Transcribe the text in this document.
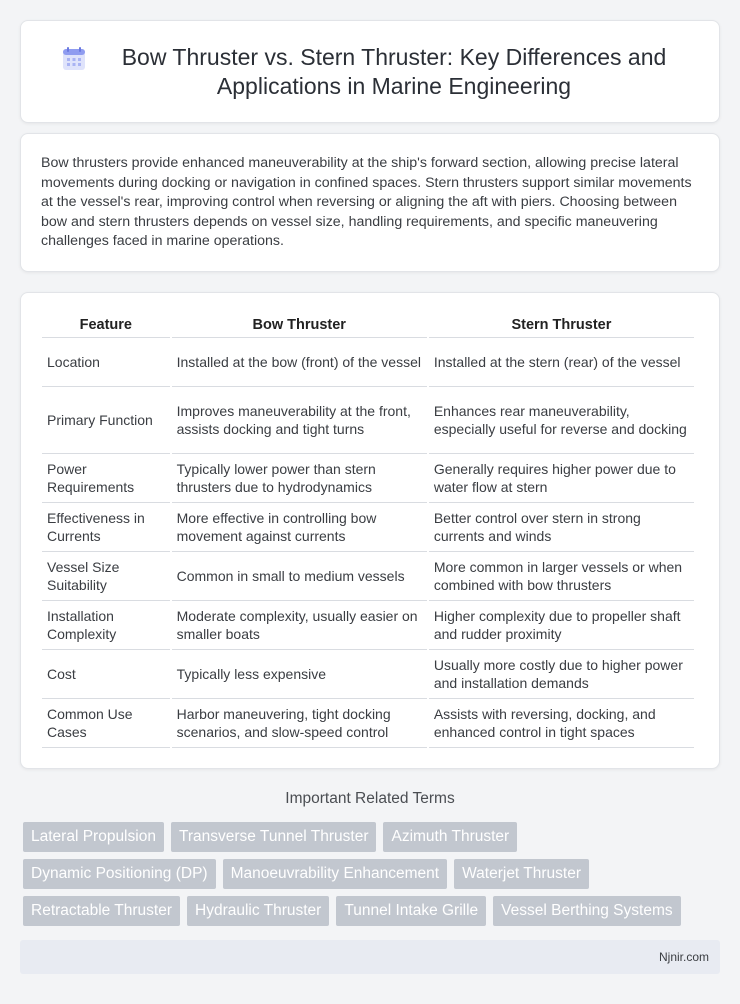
Bow Thruster vs. Stern Thruster: Key Differences and Applications in Marine Engineering

Bow thrusters provide enhanced maneuverability at the ship's forward section, allowing precise lateral movements during docking or navigation in confined spaces. Stern thrusters support similar movements at the vessel's rear, improving control when reversing or aligning the aft with piers. Choosing between bow and stern thrusters depends on vessel size, handling requirements, and specific maneuvering challenges faced in marine operations.

Feature	Bow Thruster	Stern Thruster
Location	Installed at the bow (front) of the vessel	Installed at the stern (rear) of the vessel
Primary Function	Improves maneuverability at the front, assists docking and tight turns	Enhances rear maneuverability, especially useful for reverse and docking
Power Requirements	Typically lower power than stern thrusters due to hydrodynamics	Generally requires higher power due to water flow at stern
Effectiveness in Currents	More effective in controlling bow movement against currents	Better control over stern in strong currents and winds
Vessel Size Suitability	Common in small to medium vessels	More common in larger vessels or when combined with bow thrusters
Installation Complexity	Moderate complexity, usually easier on smaller boats	Higher complexity due to propeller shaft and rudder proximity
Cost	Typically less expensive	Usually more costly due to higher power and installation demands
Common Use Cases	Harbor maneuvering, tight docking scenarios, and slow-speed control	Assists with reversing, docking, and enhanced control in tight spaces
Important Related Terms
Lateral Propulsion	Transverse Tunnel Thruster	Azimuth Thruster
Dynamic Positioning (DP)	Manoeuvrability Enhancement	Waterjet Thruster
Retractable Thruster	Hydraulic Thruster	Tunnel Intake Grille	Vessel Berthing Systems
Njnir.com
